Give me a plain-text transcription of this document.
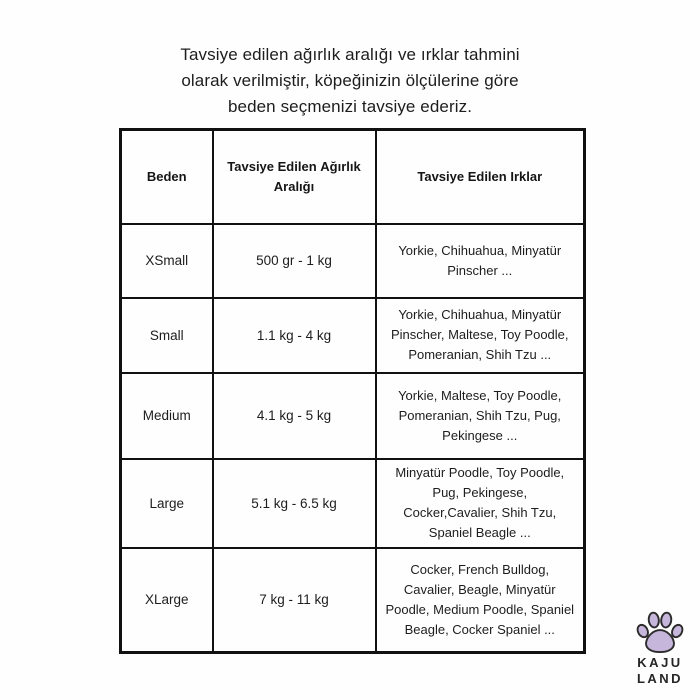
Tavsiye edilen ağırlık aralığı ve ırklar tahmini
olarak verilmiştir, köpeğinizin ölçülerine göre
beden seçmenizi tavsiye ederiz.
Beden	Tavsiye Edilen Ağırlık Aralığı	Tavsiye Edilen Irklar
XSmall	500 gr - 1 kg	Yorkie, Chihuahua, Minyatür Pinscher ...
Small	1.1 kg - 4 kg	Yorkie, Chihuahua, Minyatür Pinscher, Maltese, Toy Poodle, Pomeranian, Shih Tzu ...
Medium	4.1 kg - 5 kg	Yorkie, Maltese, Toy Poodle, Pomeranian, Shih Tzu, Pug, Pekingese ...
Large	5.1 kg - 6.5 kg	Minyatür Poodle, Toy Poodle, Pug, Pekingese, Cocker,Cavalier, Shih Tzu, Spaniel Beagle ...
XLarge	7 kg - 11 kg	Cocker, French Bulldog, Cavalier, Beagle, Minyatür Poodle, Medium Poodle, Spaniel Beagle, Cocker Spaniel ...
KAJU
LAND
